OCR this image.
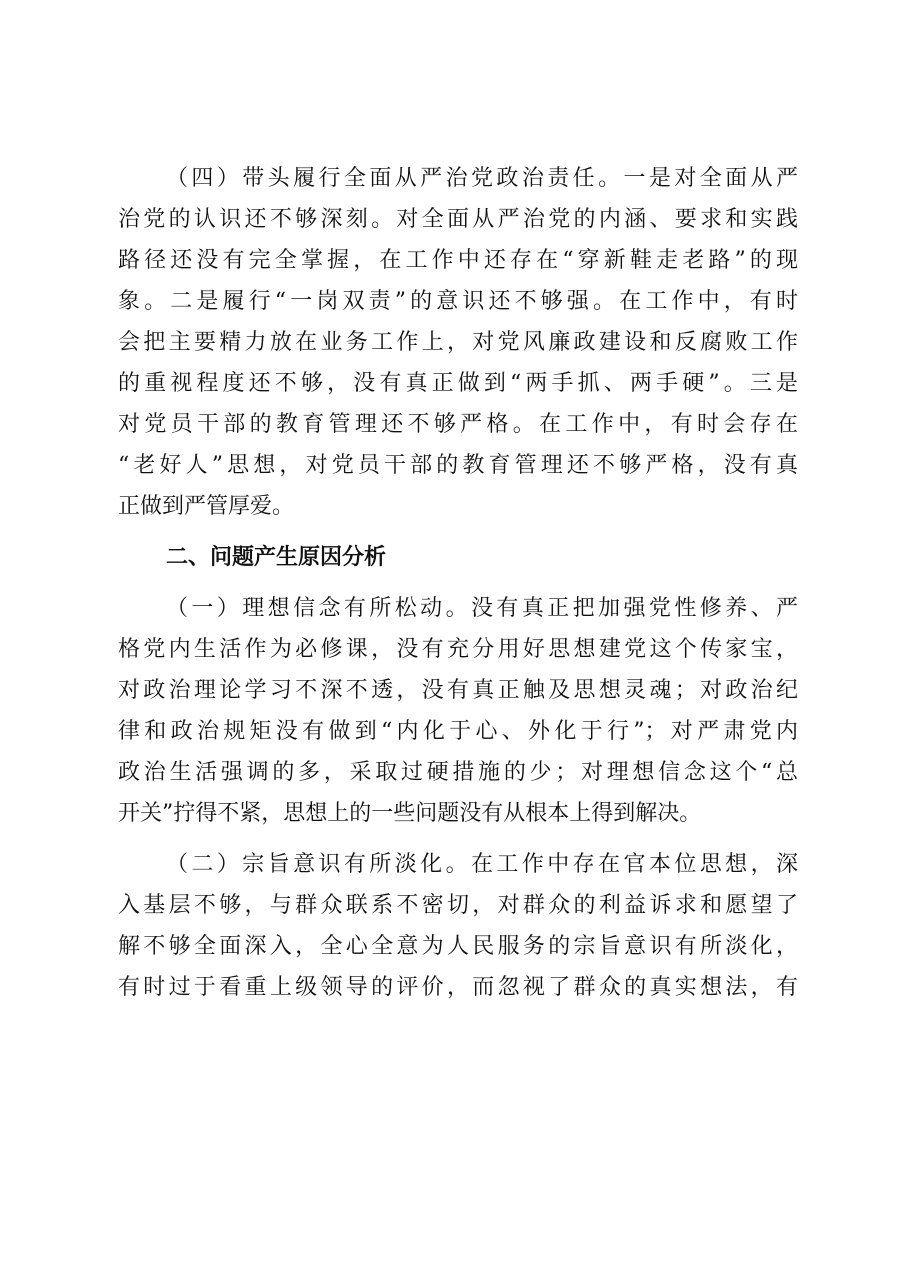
（四）带头履行全面从严治党政治责任。一是对全面从严
治党的认识还不够深刻。对全面从严治党的内涵、要求和实践
路径还没有完全掌握，在工作中还存在“穿新鞋走老路”的现
象。二是履行“一岗双责”的意识还不够强。在工作中，有时
会把主要精力放在业务工作上，对党风廉政建设和反腐败工作
的重视程度还不够，没有真正做到“两手抓、两手硬”。三是
对党员干部的教育管理还不够严格。在工作中，有时会存在
“老好人”思想，对党员干部的教育管理还不够严格，没有真
正做到严管厚爱。
二、问题产生原因分析
（一）理想信念有所松动。没有真正把加强党性修养、严
格党内生活作为必修课，没有充分用好思想建党这个传家宝，
对政治理论学习不深不透，没有真正触及思想灵魂；对政治纪
律和政治规矩没有做到“内化于心、外化于行”；对严肃党内
政治生活强调的多，采取过硬措施的少；对理想信念这个“总
开关”拧得不紧，思想上的一些问题没有从根本上得到解决。
（二）宗旨意识有所淡化。在工作中存在官本位思想，深
入基层不够，与群众联系不密切，对群众的利益诉求和愿望了
解不够全面深入，全心全意为人民服务的宗旨意识有所淡化，
有时过于看重上级领导的评价，而忽视了群众的真实想法，有
